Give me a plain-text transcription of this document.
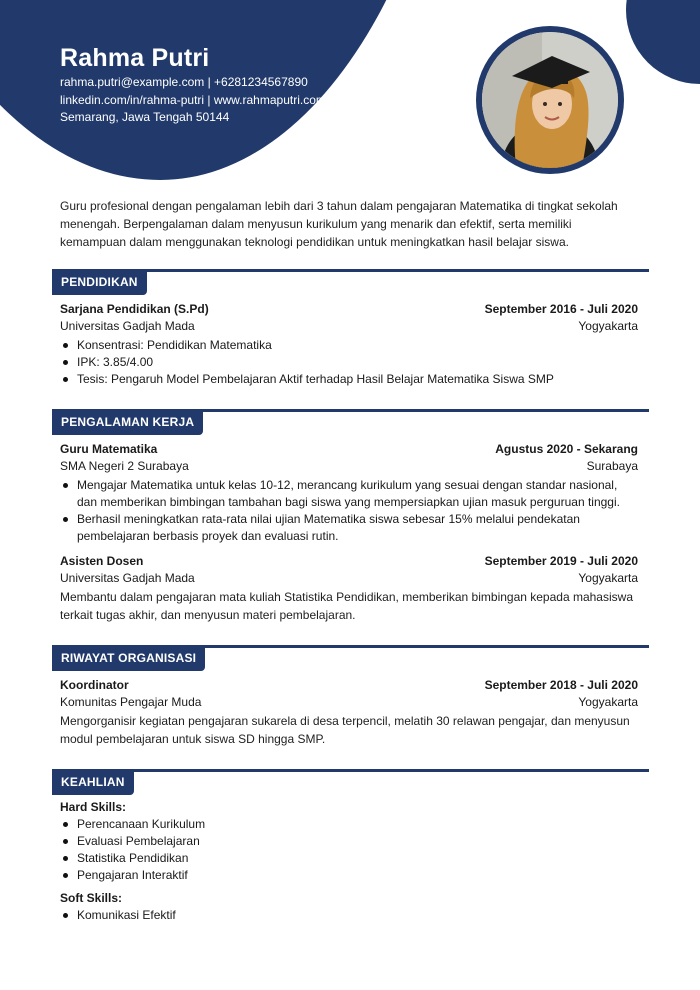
Rahma Putri
rahma.putri@example.com | +6281234567890
linkedin.com/in/rahma-putri | www.rahmaputri.com
Semarang, Jawa Tengah 50144

Guru profesional dengan pengalaman lebih dari 3 tahun dalam pengajaran Matematika di tingkat sekolah menengah. Berpengalaman dalam menyusun kurikulum yang menarik dan efektif, serta memiliki kemampuan dalam menggunakan teknologi pendidikan untuk meningkatkan hasil belajar siswa.

PENDIDIKAN
Sarjana Pendidikan (S.Pd)	September 2016 - Juli 2020
Universitas Gadjah Mada	Yogyakarta
Konsentrasi: Pendidikan Matematika
IPK: 3.85/4.00
Tesis: Pengaruh Model Pembelajaran Aktif terhadap Hasil Belajar Matematika Siswa SMP
PENGALAMAN KERJA
Guru Matematika	Agustus 2020 - Sekarang
SMA Negeri 2 Surabaya	Surabaya
Mengajar Matematika untuk kelas 10-12, merancang kurikulum yang sesuai dengan standar nasional, dan memberikan bimbingan tambahan bagi siswa yang mempersiapkan ujian masuk perguruan tinggi.
Berhasil meningkatkan rata-rata nilai ujian Matematika siswa sebesar 15% melalui pendekatan pembelajaran berbasis proyek dan evaluasi rutin.
Asisten Dosen	September 2019 - Juli 2020
Universitas Gadjah Mada	Yogyakarta

Membantu dalam pengajaran mata kuliah Statistika Pendidikan, memberikan bimbingan kepada mahasiswa terkait tugas akhir, dan menyusun materi pembelajaran.

RIWAYAT ORGANISASI
Koordinator	September 2018 - Juli 2020
Komunitas Pengajar Muda	Yogyakarta

Mengorganisir kegiatan pengajaran sukarela di desa terpencil, melatih 30 relawan pengajar, dan menyusun modul pembelajaran untuk siswa SD hingga SMP.

KEAHLIAN
Hard Skills:
Perencanaan Kurikulum
Evaluasi Pembelajaran
Statistika Pendidikan
Pengajaran Interaktif
Soft Skills:
Komunikasi Efektif
